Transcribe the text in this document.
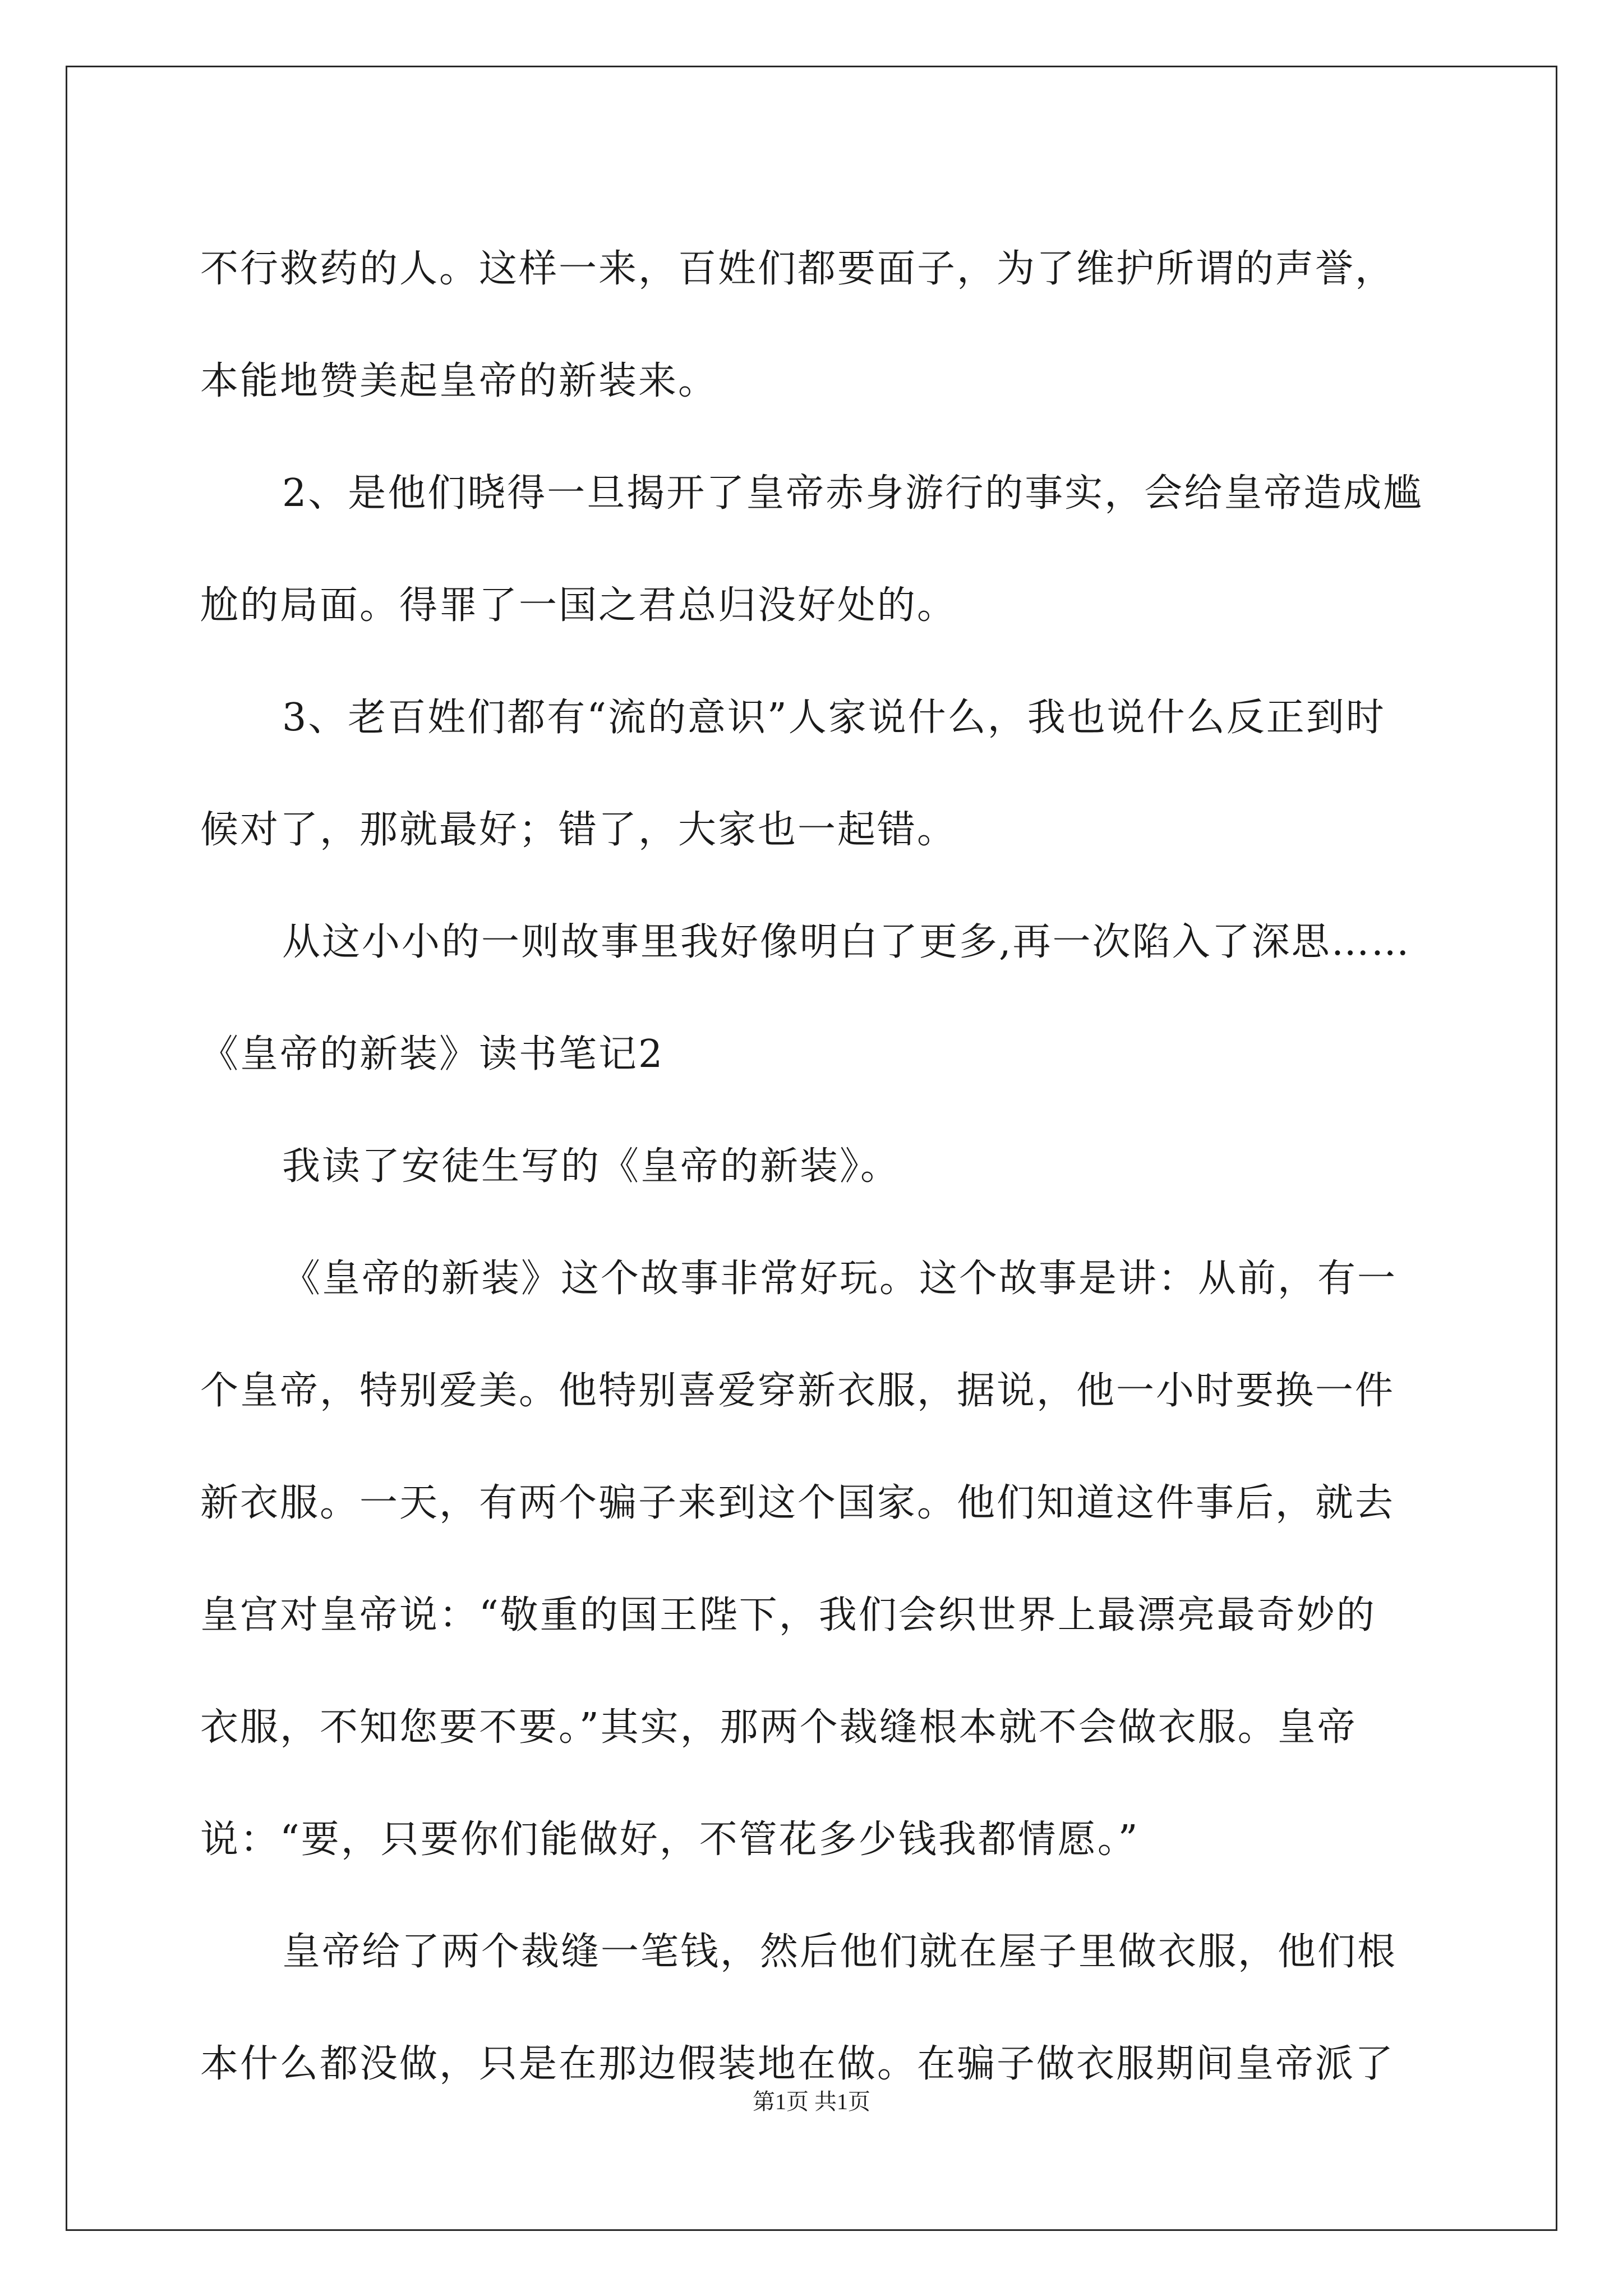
不行救药的人。这样一来，百姓们都要面子，为了维护所谓的声誉，
本能地赞美起皇帝的新装来。
2、是他们晓得一旦揭开了皇帝赤身游行的事实，会给皇帝造成尴
尬的局面。得罪了一国之君总归没好处的。
3、老百姓们都有“流的意识”人家说什么，我也说什么反正到时
候对了，那就最好；错了，大家也一起错。
从这小小的一则故事里我好像明白了更多,再一次陷入了深思……
《皇帝的新装》读书笔记2
我读了安徒生写的《皇帝的新装》。
《皇帝的新装》这个故事非常好玩。这个故事是讲：从前，有一
个皇帝，特别爱美。他特别喜爱穿新衣服，据说，他一小时要换一件
新衣服。一天，有两个骗子来到这个国家。他们知道这件事后，就去
皇宫对皇帝说：“敬重的国王陛下，我们会织世界上最漂亮最奇妙的
衣服，不知您要不要。”其实，那两个裁缝根本就不会做衣服。皇帝
说：“要，只要你们能做好，不管花多少钱我都情愿。”
皇帝给了两个裁缝一笔钱，然后他们就在屋子里做衣服，他们根
本什么都没做，只是在那边假装地在做。在骗子做衣服期间皇帝派了
第1页 共1页
